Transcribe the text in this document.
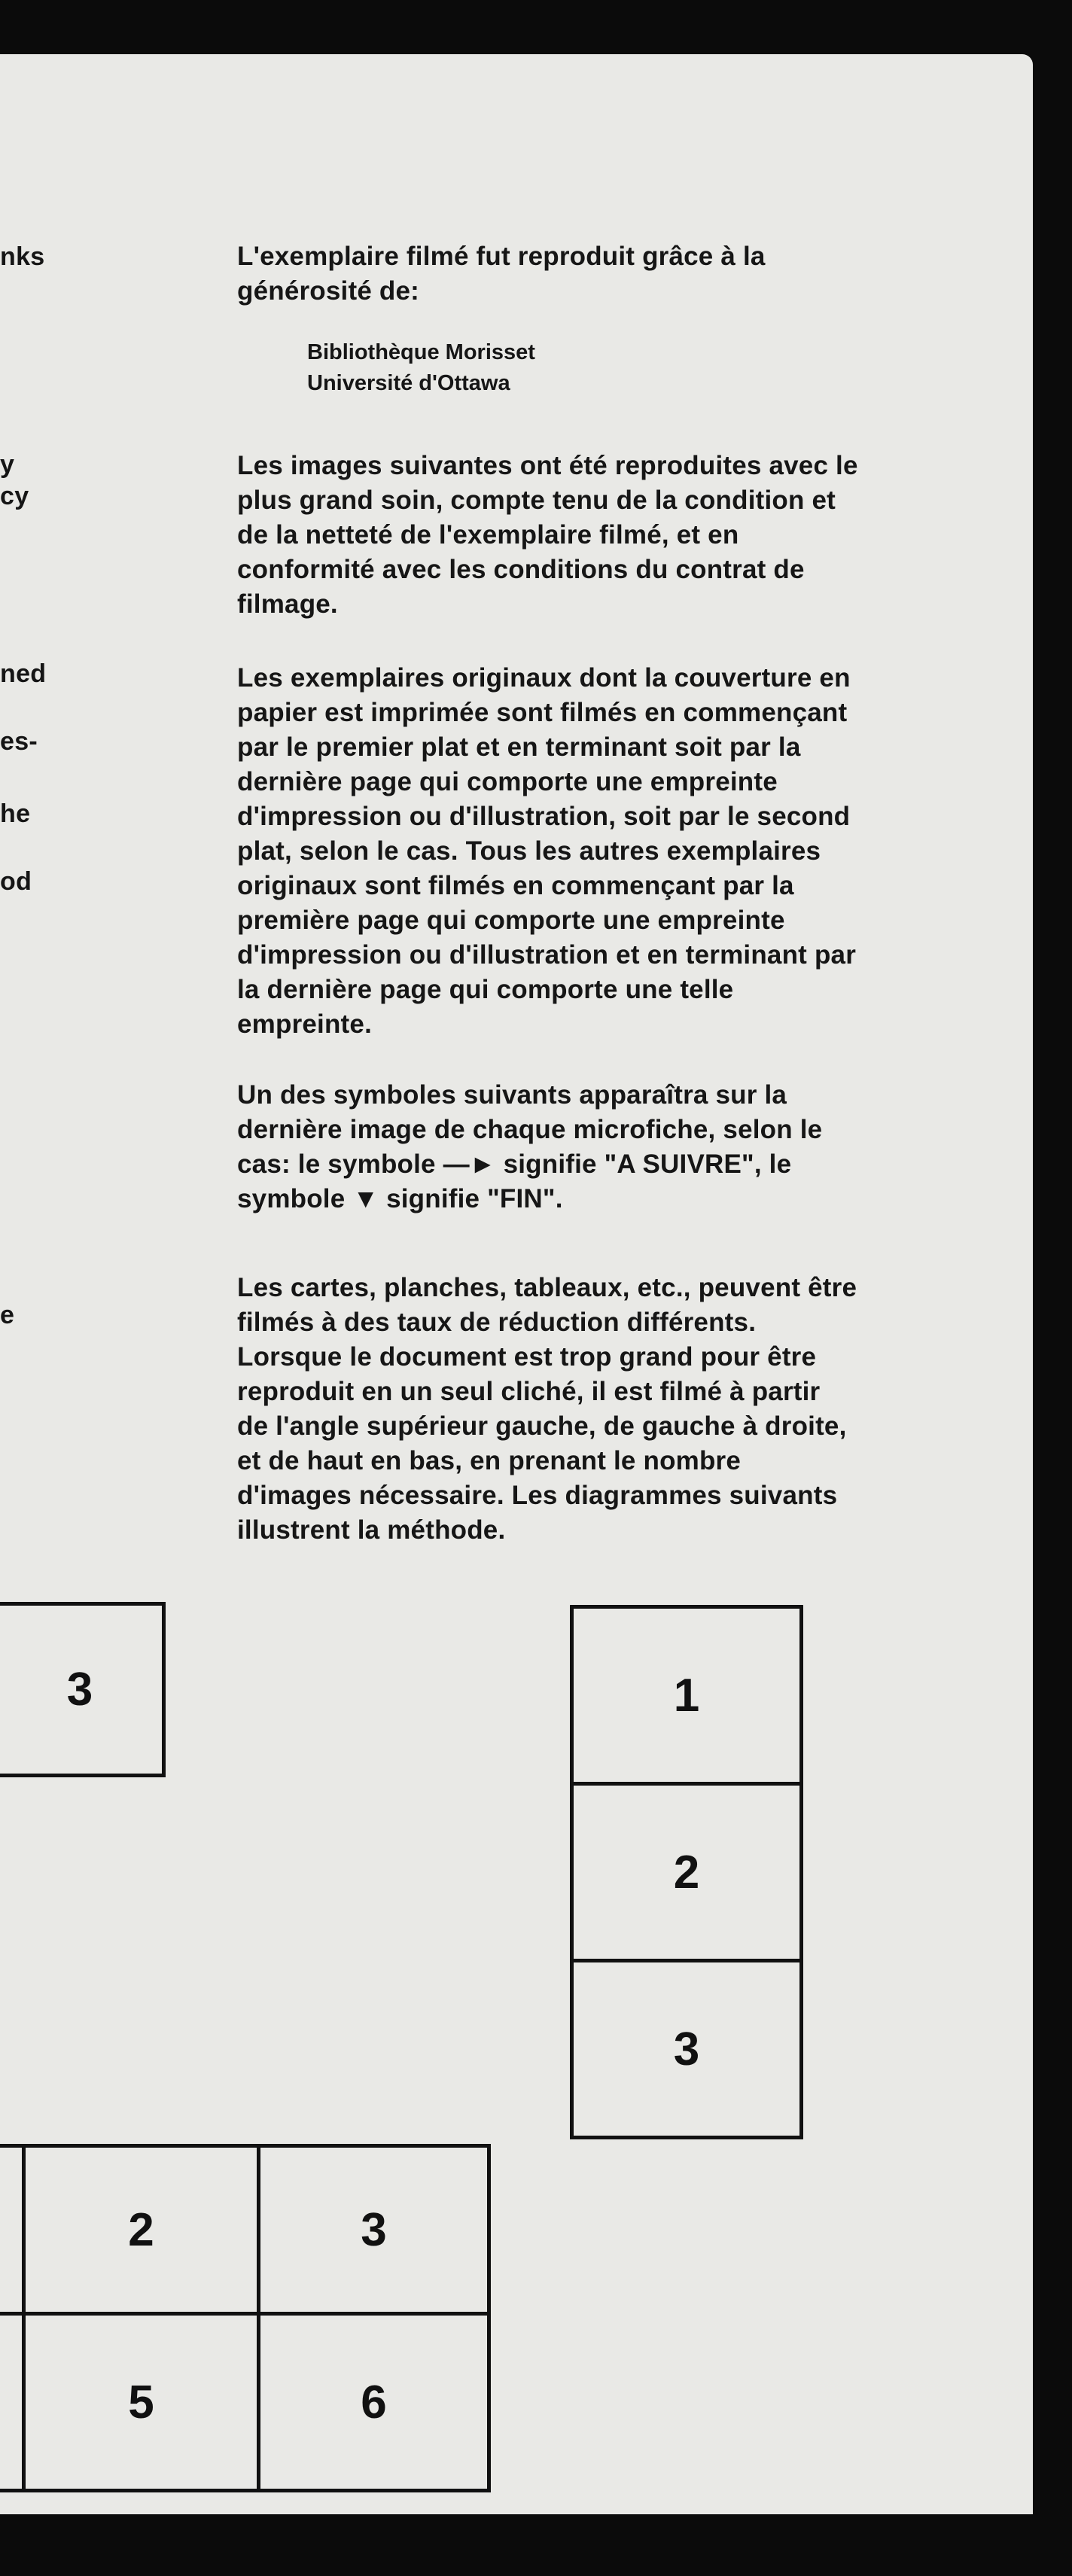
nks
y
cy
ned
es-
he
od
e
L'exemplaire filmé fut reproduit grâce à la
générosité de:
Bibliothèque Morisset
Université d'Ottawa
Les images suivantes ont été reproduites avec le
plus grand soin, compte tenu de la condition et
de la netteté de l'exemplaire filmé, et en
conformité avec les conditions du contrat de
filmage.
Les exemplaires originaux dont la couverture en
papier est imprimée sont filmés en commençant
par le premier plat et en terminant soit par la
dernière page qui comporte une empreinte
d'impression ou d'illustration, soit par le second
plat, selon le cas. Tous les autres exemplaires
originaux sont filmés en commençant par la
première page qui comporte une empreinte
d'impression ou d'illustration et en terminant par
la dernière page qui comporte une telle
empreinte.
Un des symboles suivants apparaîtra sur la
dernière image de chaque microfiche, selon le
cas: le symbole —► signifie "A SUIVRE", le
symbole ▼ signifie "FIN".
Les cartes, planches, tableaux, etc., peuvent être
filmés à des taux de réduction différents.
Lorsque le document est trop grand pour être
reproduit en un seul cliché, il est filmé à partir
de l'angle supérieur gauche, de gauche à droite,
et de haut en bas, en prenant le nombre
d'images nécessaire. Les diagrammes suivants
illustrent la méthode.
3	1
2
3
2	3
5	6
